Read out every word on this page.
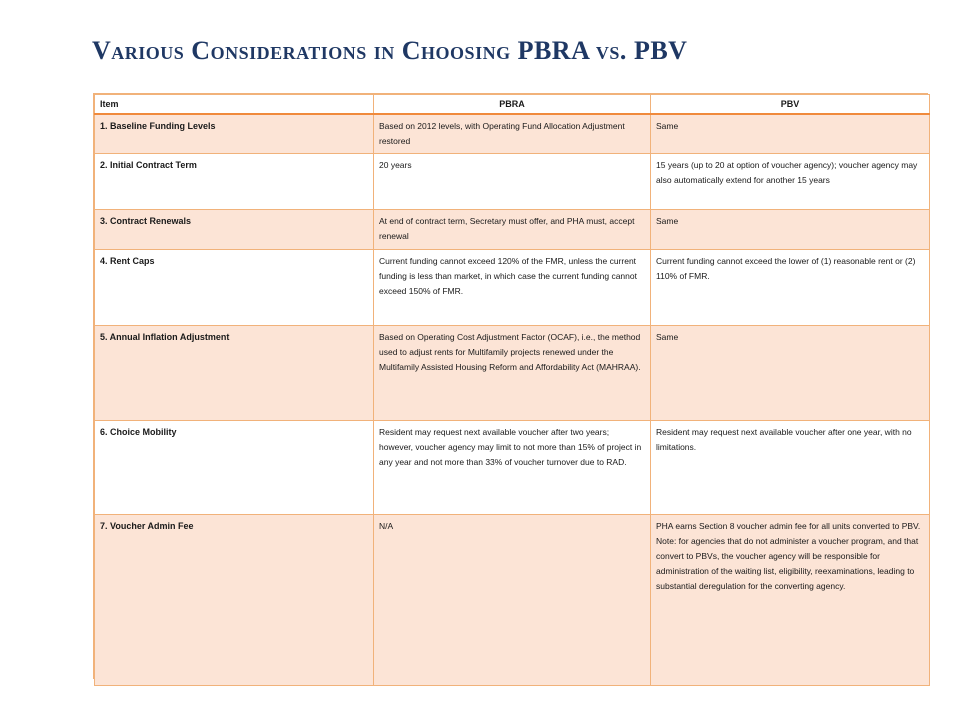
Various Considerations in Choosing PBRA vs. PBV
Item	PBRA	PBV
1. Baseline Funding Levels	Based on 2012 levels, with Operating Fund Allocation Adjustment restored	Same
2. Initial Contract Term	20 years	15 years (up to 20 at option of voucher agency); voucher agency may also automatically extend for another 15 years
3. Contract Renewals	At end of contract term, Secretary must offer, and PHA must, accept renewal	Same
4. Rent Caps	Current funding cannot exceed 120% of the FMR, unless the current funding is less than market, in which case the current funding cannot exceed 150% of FMR.	Current funding cannot exceed the lower of (1) reasonable rent or (2) 110% of FMR.
5. Annual Inflation Adjustment	Based on Operating Cost Adjustment Factor (OCAF), i.e., the method used to adjust rents for Multifamily projects renewed under the Multifamily Assisted Housing Reform and Affordability Act (MAHRAA).	Same
6. Choice Mobility	Resident may request next available voucher after two years; however, voucher agency may limit to not more than 15% of project in any year and not more than 33% of voucher turnover due to RAD.	Resident may request next available voucher after one year, with no limitations.
7. Voucher Admin Fee	N/A	PHA earns Section 8 voucher admin fee for all units converted to PBV. Note: for agencies that do not administer a voucher program, and that convert to PBVs, the voucher agency will be responsible for administration of the waiting list, eligibility, reexaminations, leading to substantial deregulation for the converting agency.
